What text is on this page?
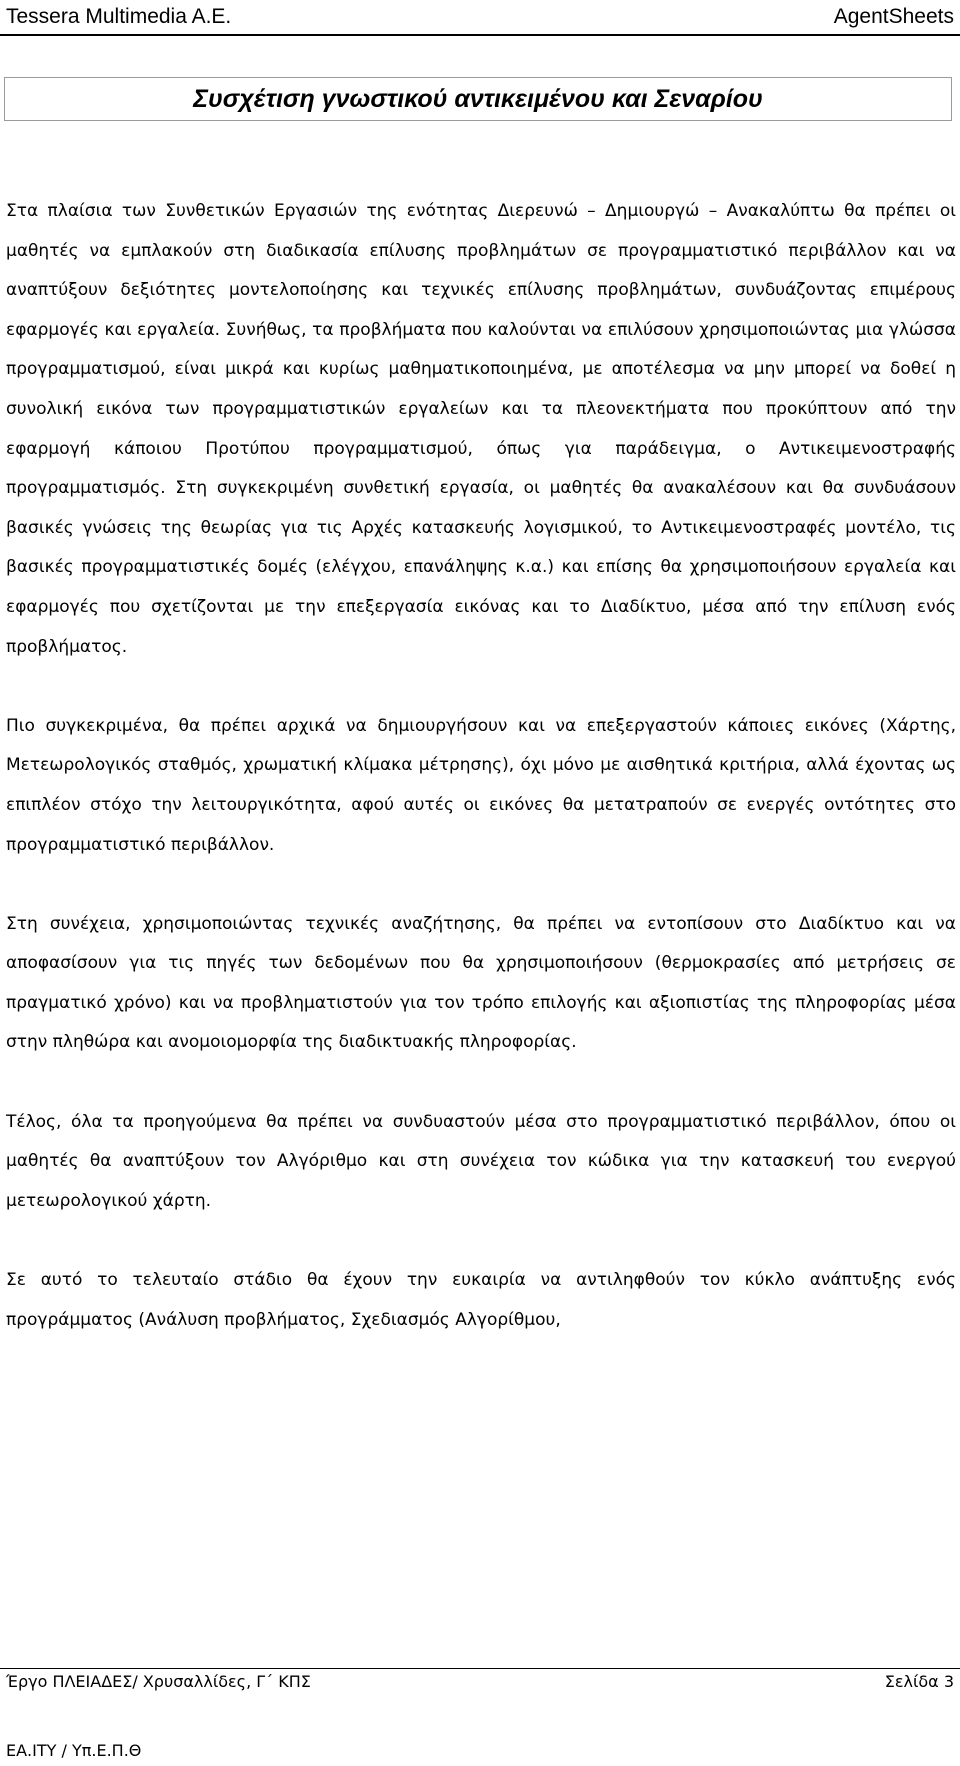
Tessera Multimedia A.E.	AgentSheets
Συσχέτιση γνωστικού αντικειμένου και Σεναρίου

Στα πλαίσια των Συνθετικών Εργασιών της ενότητας Διερευνώ – Δημιουργώ – Ανακαλύπτω θα πρέπει οι μαθητές να εμπλακούν στη διαδικασία επίλυσης προβλημάτων σε προγραμματιστικό περιβάλλον και να αναπτύξουν δεξιότητες μοντελοποίησης και τεχνικές επίλυσης προβλημάτων, συνδυάζοντας επιμέρους εφαρμογές και εργαλεία. Συνήθως, τα προβλήματα που καλούνται να επιλύσουν χρησιμοποιώντας μια γλώσσα προγραμματισμού, είναι μικρά και κυρίως μαθηματικοποιημένα, με αποτέλεσμα να μην μπορεί να δοθεί η συνολική εικόνα των προγραμματιστικών εργαλείων και τα πλεονεκτήματα που προκύπτουν από την εφαρμογή κάποιου Προτύπου προγραμματισμού, όπως για παράδειγμα, ο Αντικειμενοστραφής προγραμματισμός. Στη συγκεκριμένη συνθετική εργασία, οι μαθητές θα ανακαλέσουν και θα συνδυάσουν βασικές γνώσεις της θεωρίας για τις Αρχές κατασκευής λογισμικού, το Αντικειμενοστραφές μοντέλο, τις βασικές προγραμματιστικές δομές (ελέγχου, επανάληψης κ.α.) και επίσης θα χρησιμοποιήσουν εργαλεία και εφαρμογές που σχετίζονται με την επεξεργασία εικόνας και το Διαδίκτυο, μέσα από την επίλυση ενός προβλήματος.

Πιο συγκεκριμένα, θα πρέπει αρχικά να δημιουργήσουν και να επεξεργαστούν κάποιες εικόνες (Χάρτης, Μετεωρολογικός σταθμός, χρωματική κλίμακα μέτρησης), όχι μόνο με αισθητικά κριτήρια, αλλά έχοντας ως επιπλέον στόχο την λειτουργικότητα, αφού αυτές οι εικόνες θα μετατραπούν σε ενεργές οντότητες στο προγραμματιστικό περιβάλλον.

Στη συνέχεια, χρησιμοποιώντας τεχνικές αναζήτησης, θα πρέπει να εντοπίσουν στο Διαδίκτυο και να αποφασίσουν για τις πηγές των δεδομένων που θα χρησιμοποιήσουν (θερμοκρασίες από μετρήσεις σε πραγματικό χρόνο) και να προβληματιστούν για τον τρόπο επιλογής και αξιοπιστίας της πληροφορίας μέσα στην πληθώρα και ανομοιομορφία της διαδικτυακής πληροφορίας.

Τέλος, όλα τα προηγούμενα θα πρέπει να συνδυαστούν μέσα στο προγραμματιστικό περιβάλλον, όπου οι μαθητές θα αναπτύξουν τον Αλγόριθμο και στη συνέχεια τον κώδικα για την κατασκευή του ενεργού μετεωρολογικού χάρτη.

Σε αυτό το τελευταίο στάδιο θα έχουν την ευκαιρία να αντιληφθούν τον κύκλο ανάπτυξης ενός προγράμματος (Ανάλυση προβλήματος, Σχεδιασμός Αλγορίθμου,

Έργο ΠΛΕΙΑΔΕΣ/ Χρυσαλλίδες, Γ΄ ΚΠΣ	Σελίδα 3
ΕΑ.ΙΤΥ / Υπ.Ε.Π.Θ
